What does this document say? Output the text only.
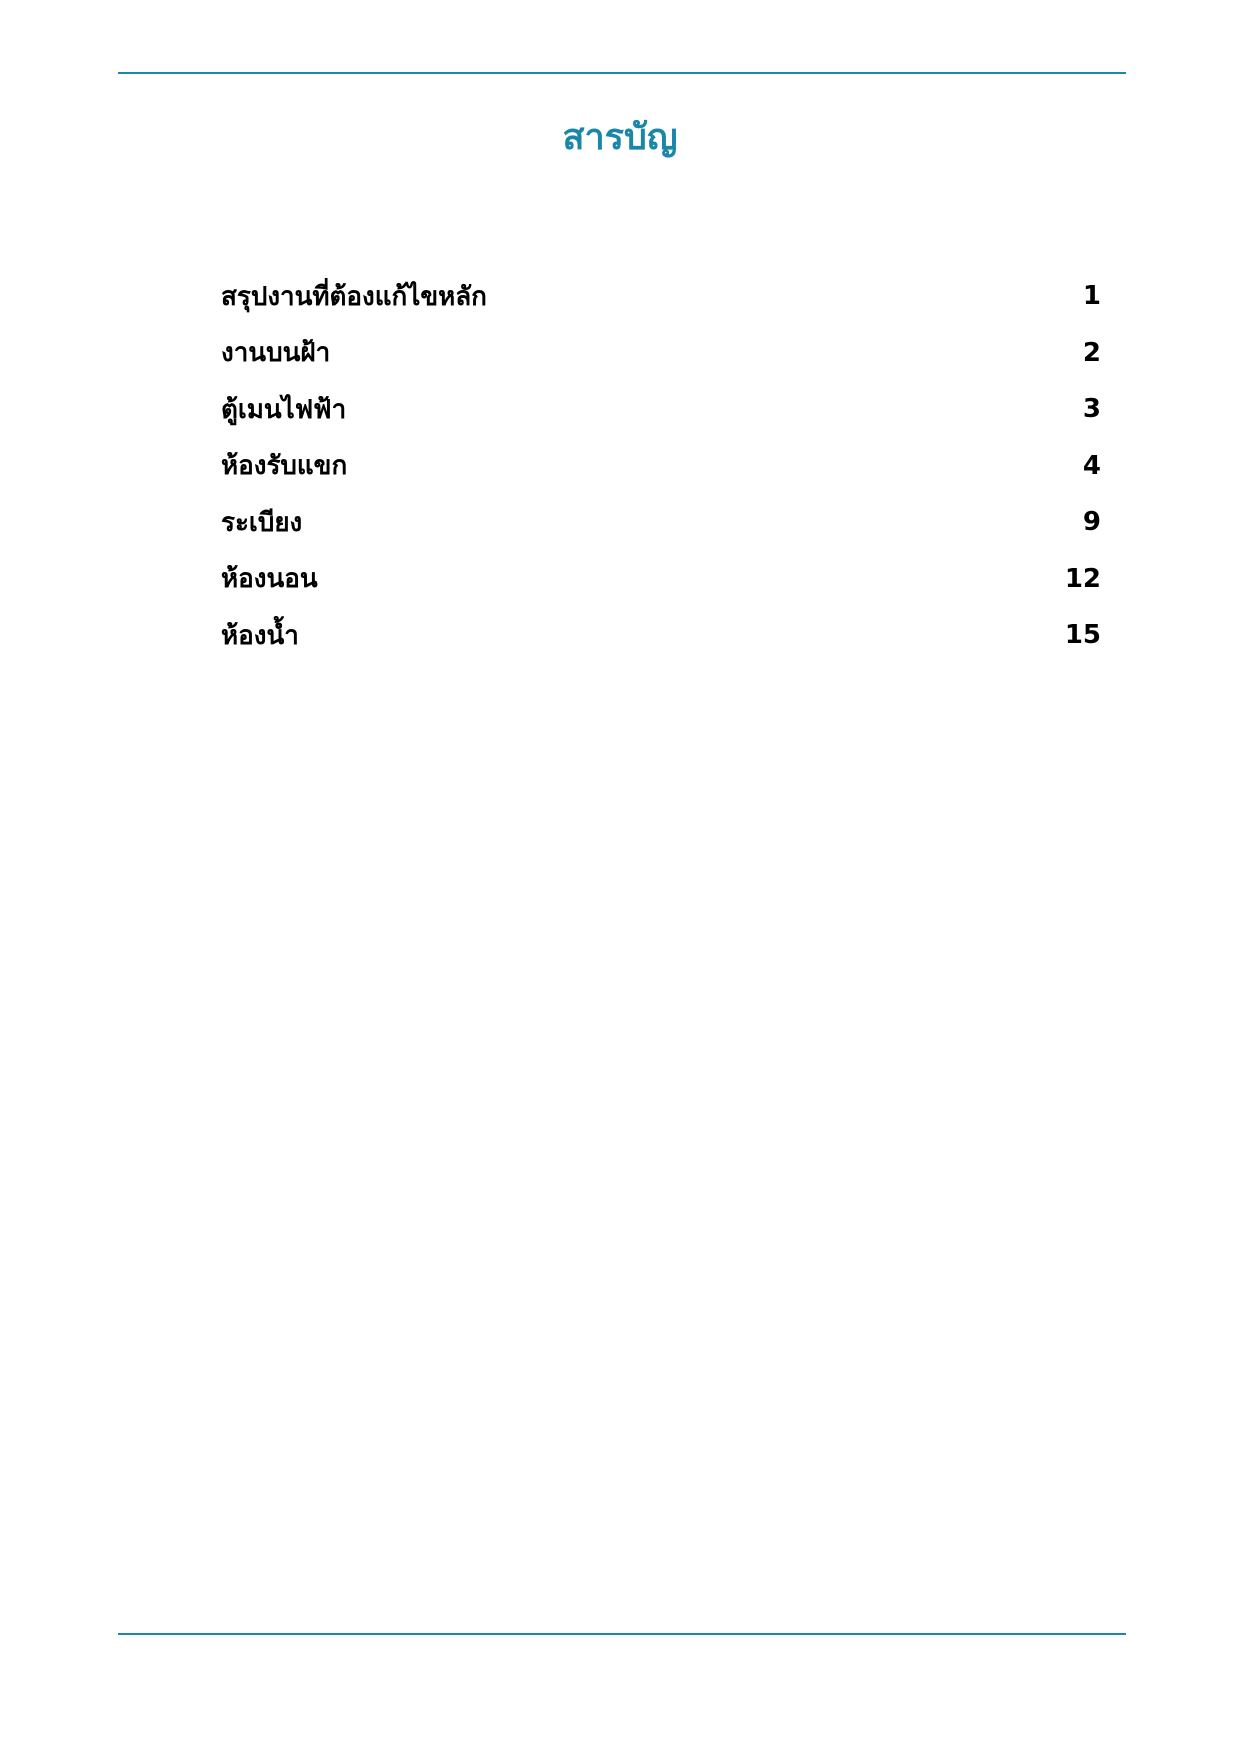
สารบัญ
สรุปงานที่ต้องแก้ไขหลัก	1
งานบนฝ้า	2
ตู้เมนไฟฟ้า	3
ห้องรับแขก	4
ระเบียง	9
ห้องนอน	12
ห้องน้ำ	15
